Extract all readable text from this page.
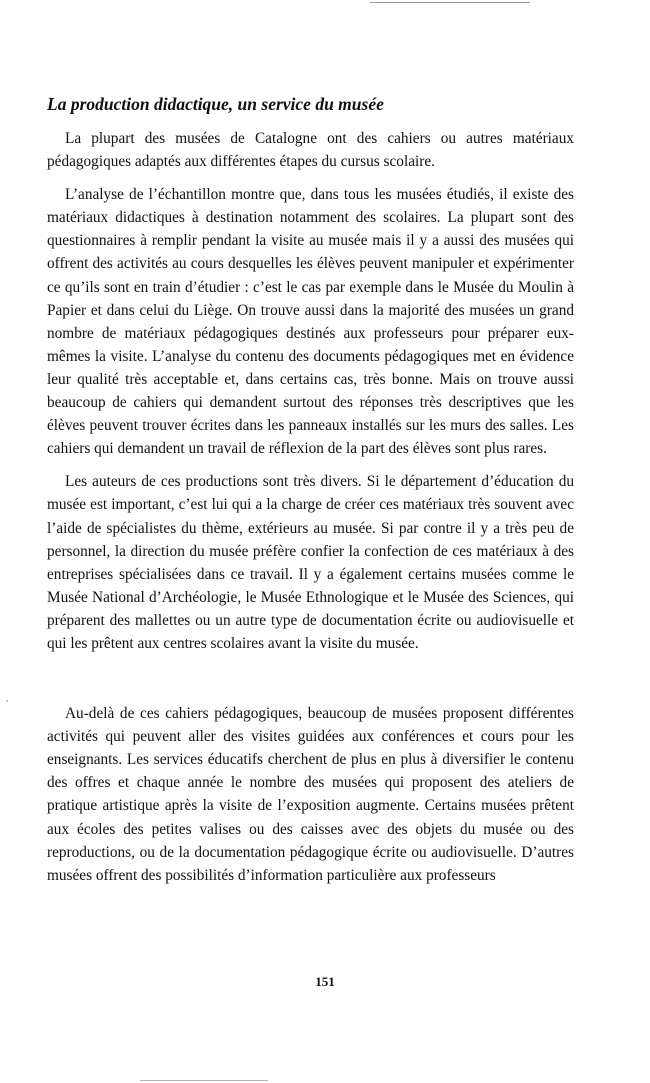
La production didactique, un service du musée

La plupart des musées de Catalogne ont des cahiers ou autres matériaux pédagogiques adaptés aux différentes étapes du cursus scolaire.

L’analyse de l’échantillon montre que, dans tous les musées étudiés, il existe des matériaux didactiques à destination notamment des scolaires. La plupart sont des questionnaires à remplir pendant la visite au musée mais il y a aussi des musées qui offrent des activités au cours desquelles les élèves peuvent manipuler et expérimenter ce qu’ils sont en train d’étudier : c’est le cas par exemple dans le Musée du Moulin à Papier et dans celui du Liège. On trouve aussi dans la majorité des musées un grand nombre de matériaux pédagogiques destinés aux professeurs pour préparer eux-mêmes la visite. L’analyse du contenu des documents pédagogiques met en évidence leur qualité très acceptable et, dans certains cas, très bonne. Mais on trouve aussi beaucoup de cahiers qui demandent surtout des réponses très descriptives que les élèves peuvent trouver écrites dans les panneaux installés sur les murs des salles. Les cahiers qui demandent un travail de réflexion de la part des élèves sont plus rares.

Les auteurs de ces productions sont très divers. Si le département d’éducation du musée est important, c’est lui qui a la charge de créer ces matériaux très souvent avec l’aide de spécialistes du thème, extérieurs au musée. Si par contre il y a très peu de personnel, la direction du musée préfère confier la confection de ces matériaux à des entreprises spécialisées dans ce travail. Il y a également certains musées comme le Musée National d’Archéologie, le Musée Ethnologique et le Musée des Sciences, qui préparent des mallettes ou un autre type de documentation écrite ou audiovisuelle et qui les prêtent aux centres scolaires avant la visite du musée.

Au-delà de ces cahiers pédagogiques, beaucoup de musées proposent différentes activités qui peuvent aller des visites guidées aux conférences et cours pour les enseignants. Les services éducatifs cherchent de plus en plus à diversifier le contenu des offres et chaque année le nombre des musées qui proposent des ateliers de pratique artistique après la visite de l’exposition augmente. Certains musées prêtent aux écoles des petites valises ou des caisses avec des objets du musée ou des reproductions, ou de la documentation pédagogique écrite ou audiovisuelle. D’autres musées offrent des possibilités d’information particulière aux professeurs

151
